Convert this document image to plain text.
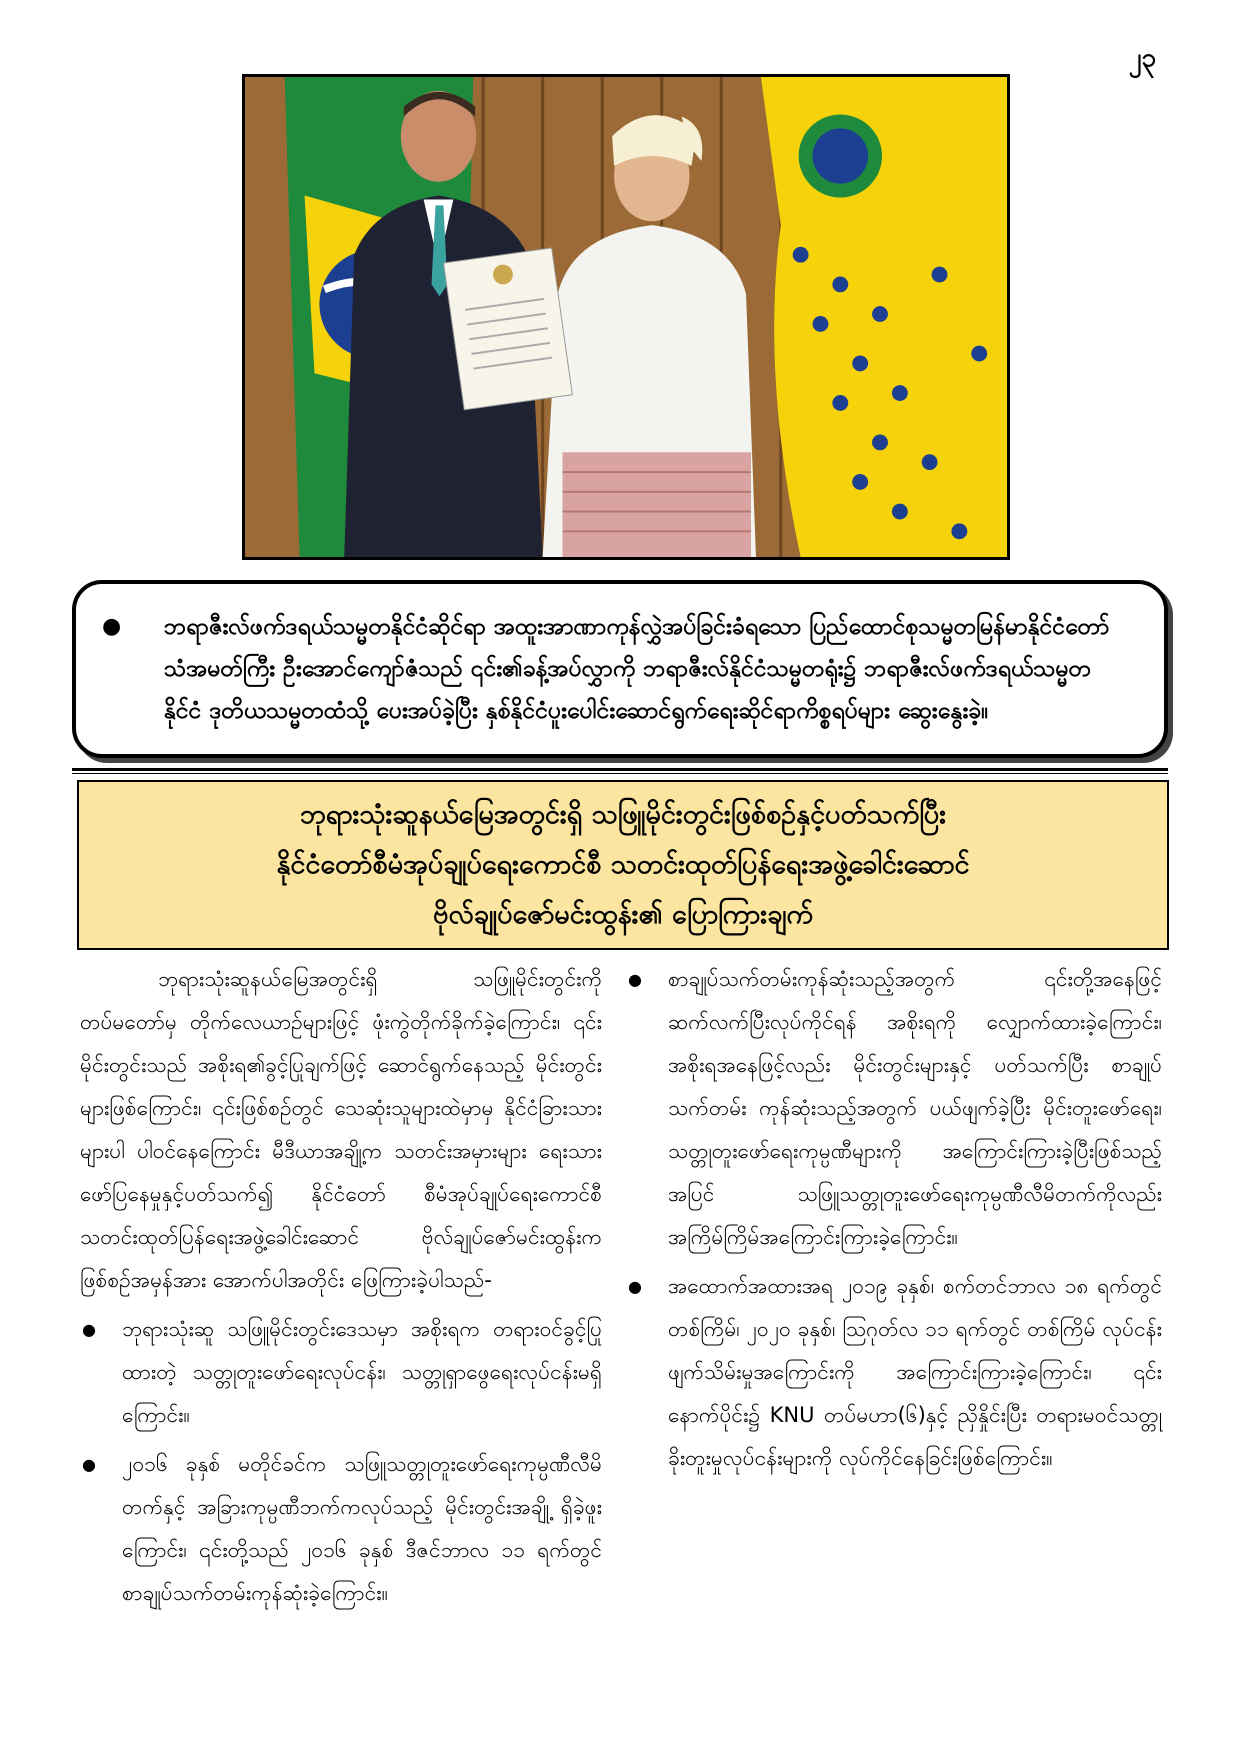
၂၃
● ဘရာဇီးလ်ဖက်ဒရယ်သမ္မတနိုင်ငံဆိုင်ရာ အထူးအာဏာကုန်လွှဲအပ်ခြင်းခံရသော ပြည်ထောင်စုသမ္မတမြန်မာနိုင်ငံတော် သံအမတ်ကြီး ဦးအောင်ကျော်ဇံသည် ၎င်း၏ခန့်အပ်လွှာကို ဘရာဇီးလ်နိုင်ငံသမ္မတရုံး၌ ဘရာဇီးလ်ဖက်ဒရယ်သမ္မတ နိုင်ငံ ဒုတိယသမ္မတထံသို့ ပေးအပ်ခဲ့ပြီး နှစ်နိုင်ငံပူးပေါင်းဆောင်ရွက်ရေးဆိုင်ရာကိစ္စရပ်များ ဆွေးနွေးခဲ့။
ဘုရားသုံးဆူနယ်မြေအတွင်းရှိ သဖြူမိုင်းတွင်းဖြစ်စဉ်နှင့်ပတ်သက်ပြီး
နိုင်ငံတော်စီမံအုပ်ချုပ်ရေးကောင်စီ သတင်းထုတ်ပြန်ရေးအဖွဲ့ခေါင်းဆောင်
ဗိုလ်ချုပ်ဇော်မင်းထွန်း၏ ပြောကြားချက်

ဘုရားသုံးဆူနယ်မြေအတွင်းရှိ သဖြူမိုင်းတွင်းကို တပ်မတော်မှ တိုက်လေယာဉ်များဖြင့် ဖုံးကွဲတိုက်ခိုက်ခဲ့ကြောင်း၊ ၎င်းမိုင်းတွင်းသည် အစိုးရ၏ခွင့်ပြုချက်ဖြင့် ဆောင်ရွက်နေသည့် မိုင်းတွင်းများဖြစ်ကြောင်း၊ ၎င်းဖြစ်စဉ်တွင် သေဆုံးသူများထဲမှာမှ နိုင်ငံခြားသားများပါ ပါဝင်နေကြောင်း မီဒီယာအချို့က သတင်းအမှားများ ရေးသားဖော်ပြနေမှုနှင့်ပတ်သက်၍ နိုင်ငံတော် စီမံအုပ်ချုပ်ရေးကောင်စီ သတင်းထုတ်ပြန်ရေးအဖွဲ့ခေါင်းဆောင် ဗိုလ်ချုပ်ဇော်မင်းထွန်းက ဖြစ်စဉ်အမှန်အား အောက်ပါအတိုင်း ဖြေကြားခဲ့ပါသည်-

● ဘုရားသုံးဆူ သဖြူမိုင်းတွင်းဒေသမှာ အစိုးရက တရားဝင်ခွင့်ပြုထားတဲ့ သတ္တုတူးဖော်ရေးလုပ်ငန်း၊ သတ္တုရှာဖွေရေးလုပ်ငန်းမရှိကြောင်း။

● ၂၀၁၆ ခုနှစ် မတိုင်ခင်က သဖြူသတ္တုတူးဖော်ရေးကုမ္ပဏီလီမိတက်နှင့် အခြားကုမ္ပဏီဘက်ကလုပ်သည့် မိုင်းတွင်းအချို့ ရှိခဲ့ဖူးကြောင်း၊ ၎င်းတို့သည် ၂၀၁၆ ခုနှစ် ဒီဇင်ဘာလ ၁၁ ရက်တွင် စာချုပ်သက်တမ်းကုန်ဆုံးခဲ့ကြောင်း။

● စာချုပ်သက်တမ်းကုန်ဆုံးသည့်အတွက် ၎င်းတို့အနေဖြင့် ဆက်လက်ပြီးလုပ်ကိုင်ရန် အစိုးရကို လျှောက်ထားခဲ့ကြောင်း၊ အစိုးရအနေဖြင့်လည်း မိုင်းတွင်းများနှင့် ပတ်သက်ပြီး စာချုပ်သက်တမ်း ကုန်ဆုံးသည့်အတွက် ပယ်ဖျက်ခဲ့ပြီး မိုင်းတူးဖော်ရေး၊ သတ္တုတူးဖော်ရေးကုမ္ပဏီများကို အကြောင်းကြားခဲ့ပြီးဖြစ်သည့်အပြင် သဖြူသတ္တုတူးဖော်ရေးကုမ္ပဏီလီမိတက်ကိုလည်း အကြိမ်ကြိမ်အကြောင်းကြားခဲ့ကြောင်း။

● အထောက်အထားအရ ၂၀၁၉ ခုနှစ်၊ စက်တင်ဘာလ ၁၈ ရက်တွင် တစ်ကြိမ်၊ ၂၀၂၀ ခုနှစ်၊ ဩဂုတ်လ ၁၁ ရက်တွင် တစ်ကြိမ် လုပ်ငန်းဖျက်သိမ်းမှုအကြောင်းကို အကြောင်းကြားခဲ့ကြောင်း၊ ၎င်းနောက်ပိုင်း၌ KNU တပ်မဟာ(၆)နှင့် ညှိနှိုင်းပြီး တရားမဝင်သတ္တုခိုးတူးမှုလုပ်ငန်းများကို လုပ်ကိုင်နေခြင်းဖြစ်ကြောင်း။
